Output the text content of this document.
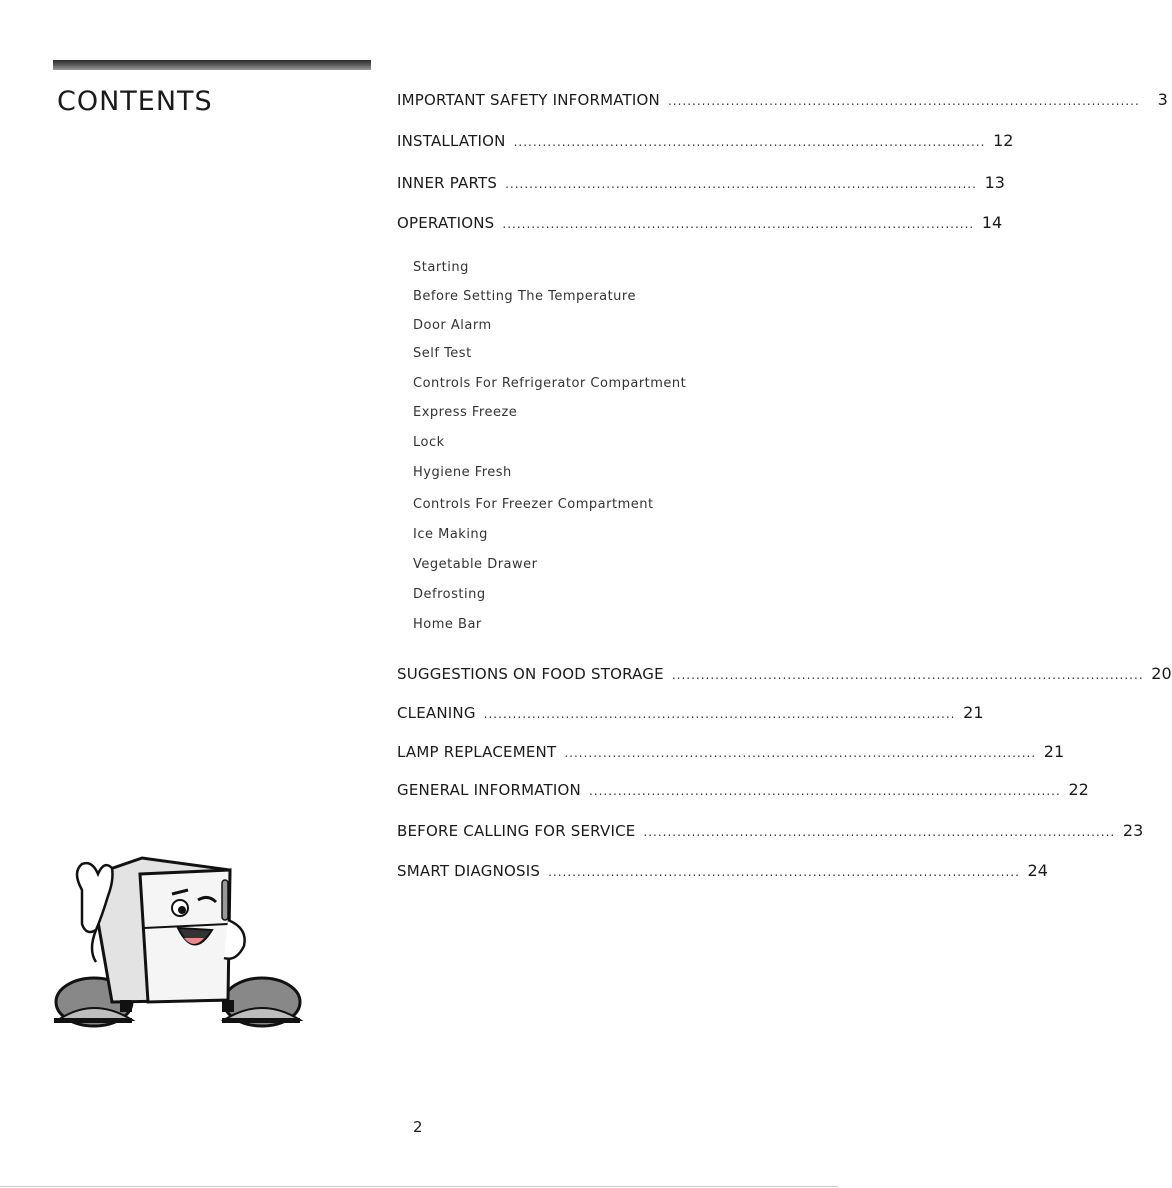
CONTENTS	IMPORTANT SAFETY INFORMATION ..................................................................................................	3
INSTALLATION .................................................................................................. 12
INNER PARTS .................................................................................................. 13
OPERATIONS .................................................................................................. 14
Starting
Before Setting The Temperature
Door Alarm
Self Test
Controls For Refrigerator Compartment
Express Freeze
Lock
Hygiene Fresh
Controls For Freezer Compartment
Ice Making
Vegetable Drawer
Defrosting
Home Bar
SUGGESTIONS ON FOOD STORAGE .................................................................................................. 20
CLEANING .................................................................................................. 21
LAMP REPLACEMENT .................................................................................................. 21
GENERAL INFORMATION .................................................................................................. 22
BEFORE CALLING FOR SERVICE .................................................................................................. 23
SMART DIAGNOSIS .................................................................................................. 24
2
